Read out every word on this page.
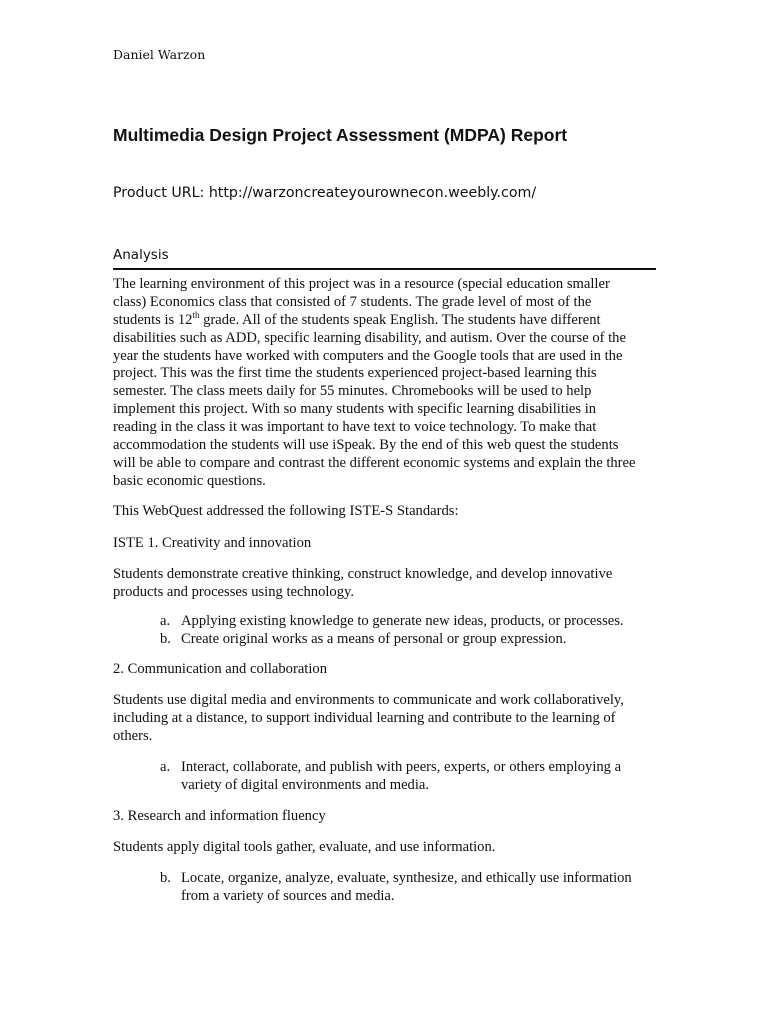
Daniel Warzon
Multimedia Design Project Assessment (MDPA) Report
Product URL: http://warzoncreateyourownecon.weebly.com/
Analysis
The learning environment of this project was in a resource (special education smaller
class) Economics class that consisted of 7 students. The grade level of most of the
students is 12th grade. All of the students speak English. The students have different
disabilities such as ADD, specific learning disability, and autism. Over the course of the
year the students have worked with computers and the Google tools that are used in the
project. This was the first time the students experienced project-based learning this
semester. The class meets daily for 55 minutes. Chromebooks will be used to help
implement this project. With so many students with specific learning disabilities in
reading in the class it was important to have text to voice technology. To make that
accommodation the students will use iSpeak. By the end of this web quest the students
will be able to compare and contrast the different economic systems and explain the three
basic economic questions.
This WebQuest addressed the following ISTE-S Standards:
ISTE 1. Creativity and innovation
Students demonstrate creative thinking, construct knowledge, and develop innovative
products and processes using technology.
a. Applying existing knowledge to generate new ideas, products, or processes.
b. Create original works as a means of personal or group expression.
2. Communication and collaboration
Students use digital media and environments to communicate and work collaboratively,
including at a distance, to support individual learning and contribute to the learning of
others.
a. Interact, collaborate, and publish with peers, experts, or others employing a
variety of digital environments and media.
3. Research and information fluency
Students apply digital tools gather, evaluate, and use information.
b. Locate, organize, analyze, evaluate, synthesize, and ethically use information
from a variety of sources and media.
